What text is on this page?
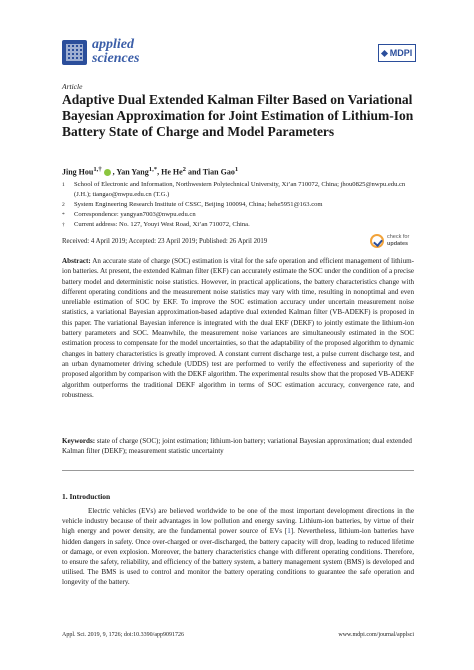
applied
sciences	MDPI
Article
Adaptive Dual Extended Kalman Filter Based on Variational Bayesian Approximation for Joint Estimation of Lithium-Ion Battery State of Charge and Model Parameters
Jing Hou$^{1,\dagger}$ , Yan Yang$^{1,*}$, He He$^2$ and Tian Gao$^1$
1	School of Electronic and Information, Northwestern Polytechnical University, Xi’an 710072, China; jhou0825@nwpu.edu.cn (J.H.); tiangao@nwpu.edu.cn (T.G.)
2	System Engineering Research Institute of CSSC, Beijing 100094, China; hehe5951@163.com
*	Correspondence: yangyan7003@nwpu.edu.cn
†	Current address: No. 127, Youyi West Road, Xi’an 710072, China.
Received: 4 April 2019; Accepted: 23 April 2019; Published: 26 April 2019
check for
updates
Abstract: An accurate state of charge (SOC) estimation is vital for the safe operation and efficient management of lithium-ion batteries. At present, the extended Kalman filter (EKF) can accurately estimate the SOC under the condition of a precise battery model and deterministic noise statistics. However, in practical applications, the battery characteristics change with different operating conditions and the measurement noise statistics may vary with time, resulting in nonoptimal and even unreliable estimation of SOC by EKF. To improve the SOC estimation accuracy under uncertain measurement noise statistics, a variational Bayesian approximation-based adaptive dual extended Kalman filter (VB-ADEKF) is proposed in this paper. The variational Bayesian inference is integrated with the dual EKF (DEKF) to jointly estimate the lithium-ion battery parameters and SOC. Meanwhile, the measurement noise variances are simultaneously estimated in the SOC estimation process to compensate for the model uncertainties, so that the adaptability of the proposed algorithm to dynamic changes in battery characteristics is greatly improved. A constant current discharge test, a pulse current discharge test, and an urban dynamometer driving schedule (UDDS) test are performed to verify the effectiveness and superiority of the proposed algorithm by comparison with the DEKF algorithm. The experimental results show that the proposed VB-ADEKF algorithm outperforms the traditional DEKF algorithm in terms of SOC estimation accuracy, convergence rate, and robustness.
Keywords: state of charge (SOC); joint estimation; lithium-ion battery; variational Bayesian approximation; dual extended Kalman filter (DEKF); measurement statistic uncertainty
1. Introduction
Electric vehicles (EVs) are believed worldwide to be one of the most important development directions in the vehicle industry because of their advantages in low pollution and energy saving. Lithium-ion batteries, by virtue of their high energy and power density, are the fundamental power source of EVs [1]. Nevertheless, lithium-ion batteries have hidden dangers in safety. Once over-charged or over-discharged, the battery capacity will drop, leading to reduced lifetime or damage, or even explosion. Moreover, the battery characteristics change with different operating conditions. Therefore, to ensure the safety, reliability, and efficiency of the battery system, a battery management system (BMS) is developed and utilised. The BMS is used to control and monitor the battery operating conditions to guarantee the safe operation and longevity of the battery.
Appl. Sci. 2019, 9, 1726; doi:10.3390/app9091726	www.mdpi.com/journal/applsci
